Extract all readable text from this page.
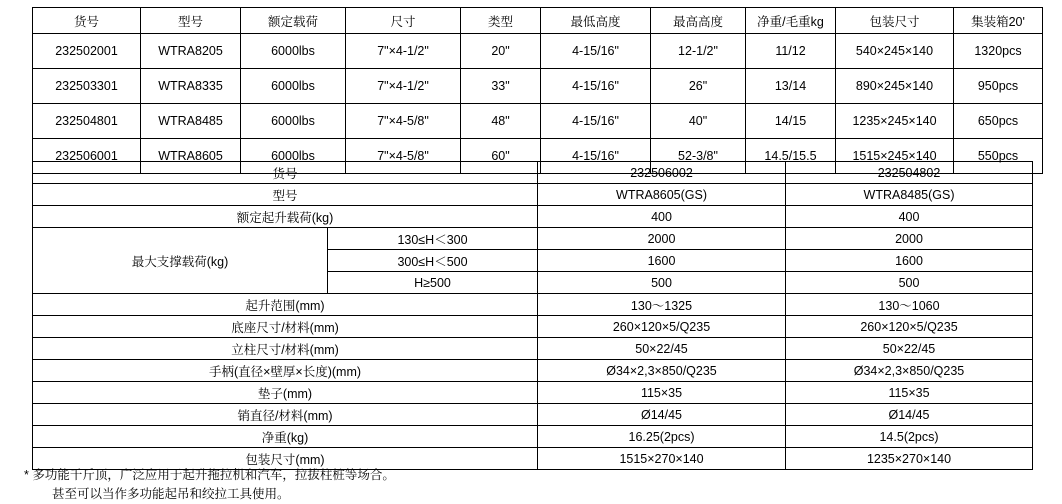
货号	型号	额定载荷	尺寸	类型	最低高度	最高高度	净重/毛重kg	包装尺寸	集装箱20'
232502001	WTRA8205	6000lbs	7"×4-1/2"	20"	4-15/16"	12-1/2"	11/12	540×245×140	1320pcs
232503301	WTRA8335	6000lbs	7"×4-1/2"	33"	4-15/16"	26"	13/14	890×245×140	950pcs
232504801	WTRA8485	6000lbs	7"×4-5/8"	48"	4-15/16"	40"	14/15	1235×245×140	650pcs
232506001	WTRA8605	6000lbs	7"×4-5/8"	60"	4-15/16"	52-3/8"	14.5/15.5	1515×245×140	550pcs
货号		232506002	232504802
型号		WTRA8605(GS)	WTRA8485(GS)
额定起升载荷(kg)		400	400
最大支撑载荷(kg)	130≤H＜300	2000	2000
	300≤H＜500	1600	1600
	H≥500	500	500
起升范围(mm)		130～1325	130～1060
底座尺寸/材料(mm)		260×120×5/Q235	260×120×5/Q235
立柱尺寸/材料(mm)		50×22/45	50×22/45
手柄(直径×壁厚×长度)(mm)		Ø34×2,3×850/Q235	Ø34×2,3×850/Q235
垫子(mm)		115×35	115×35
销直径/材料(mm)		Ø14/45	Ø14/45
净重(kg)		16.25(2pcs)	14.5(2pcs)
包装尺寸(mm)		1515×270×140	1235×270×140
* 多功能千斤顶，广泛应用于起升拖拉机和汽车，拉拔柱桩等场合。
甚至可以当作多功能起吊和绞拉工具使用。
